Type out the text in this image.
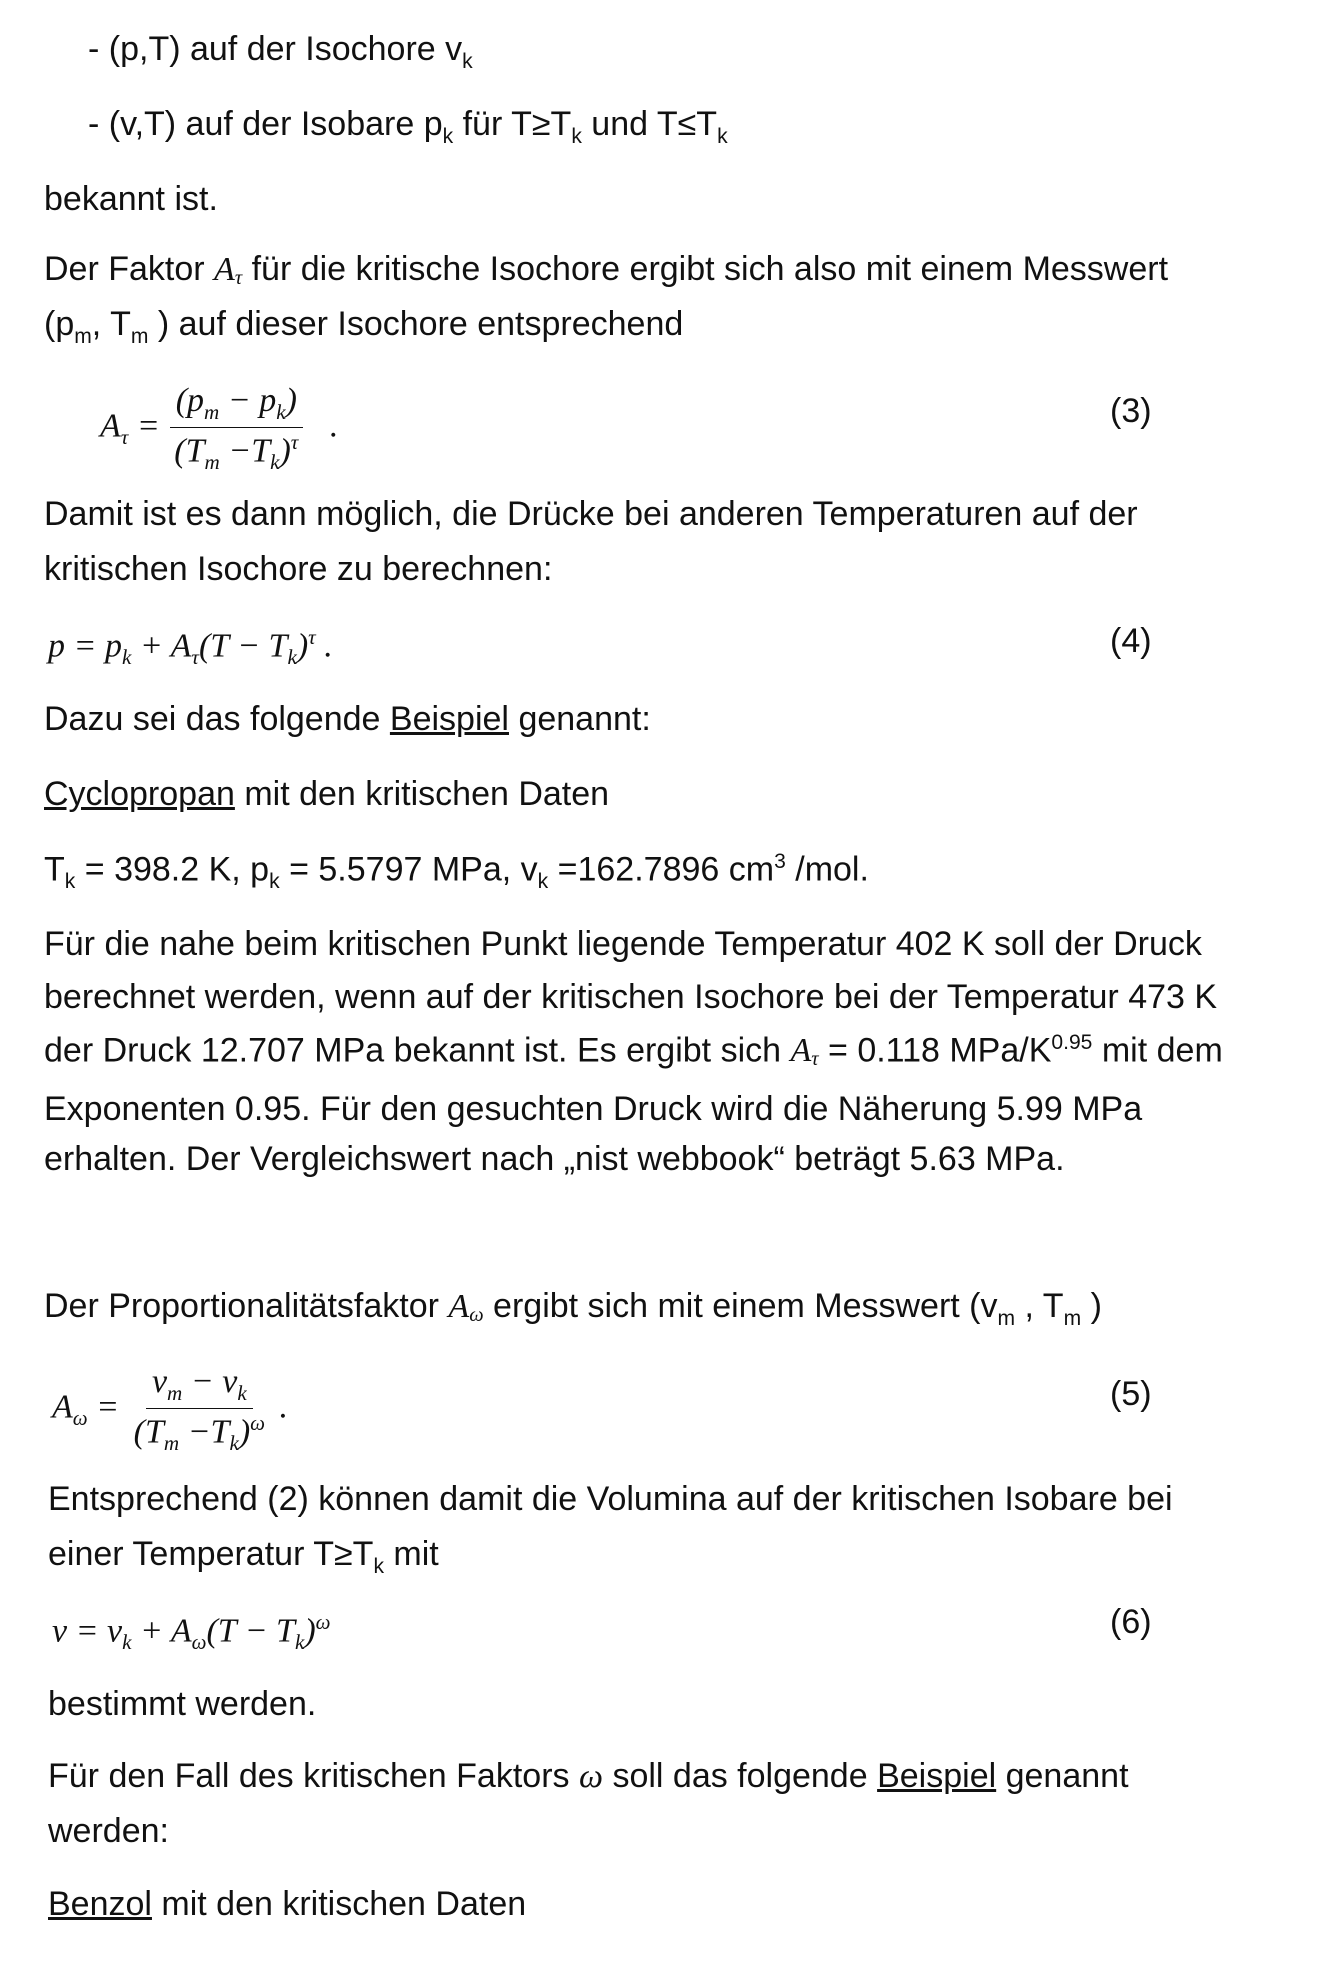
- (p,T) auf der Isochore $v_k$
- (v,T) auf der Isobare $p_k$ für $T\ge T_k$ und $T\le T_k$
bekannt ist.
Der Faktor Aτ für die kritische Isochore ergibt sich also mit einem Messwert
($p_m$, $T_m$ ) auf dieser Isochore entsprechend
$A_\tau = \frac{(p_m - p_k)}{(T_m -T_k)^\tau}$ .	(3)
Damit ist es dann möglich, die Drücke bei anderen Temperaturen auf der
kritischen Isochore zu berechnen:
$p = p_k + A_\tau(T - T_k)^\tau$ .	(4)
Dazu sei das folgende Beispiel genannt:
Cyclopropan mit den kritischen Daten
$T_k = 398.2$ K, $p_k = 5.5797$ MPa, $v_k =162.7896$ $cm^3$ /mol.
Für die nahe beim kritischen Punkt liegende Temperatur 402 K soll der Druck
berechnet werden, wenn auf der kritischen Isochore bei der Temperatur 473 K
der Druck 12.707 MPa bekannt ist. Es ergibt sich Aτ = 0.118 MPa/$K^{0.95}$ mit dem
Exponenten 0.95. Für den gesuchten Druck wird die Näherung 5.99 MPa
erhalten. Der Vergleichswert nach „nist webbook“ beträgt 5.63 MPa.
Der Proportionalitätsfaktor Aω ergibt sich mit einem Messwert ($v_m$ , $T_m$ )
$A_\omega = \frac{v_m - v_k}{(T_m -T_k)^\omega}$ .	(5)
Entsprechend (2) können damit die Volumina auf der kritischen Isobare bei
einer Temperatur $T\ge T_k$ mit
$v = v_k + A_\omega(T - T_k)^\omega$	(6)
bestimmt werden.
Für den Fall des kritischen Faktors ω soll das folgende Beispiel genannt
werden:
Benzol mit den kritischen Daten
